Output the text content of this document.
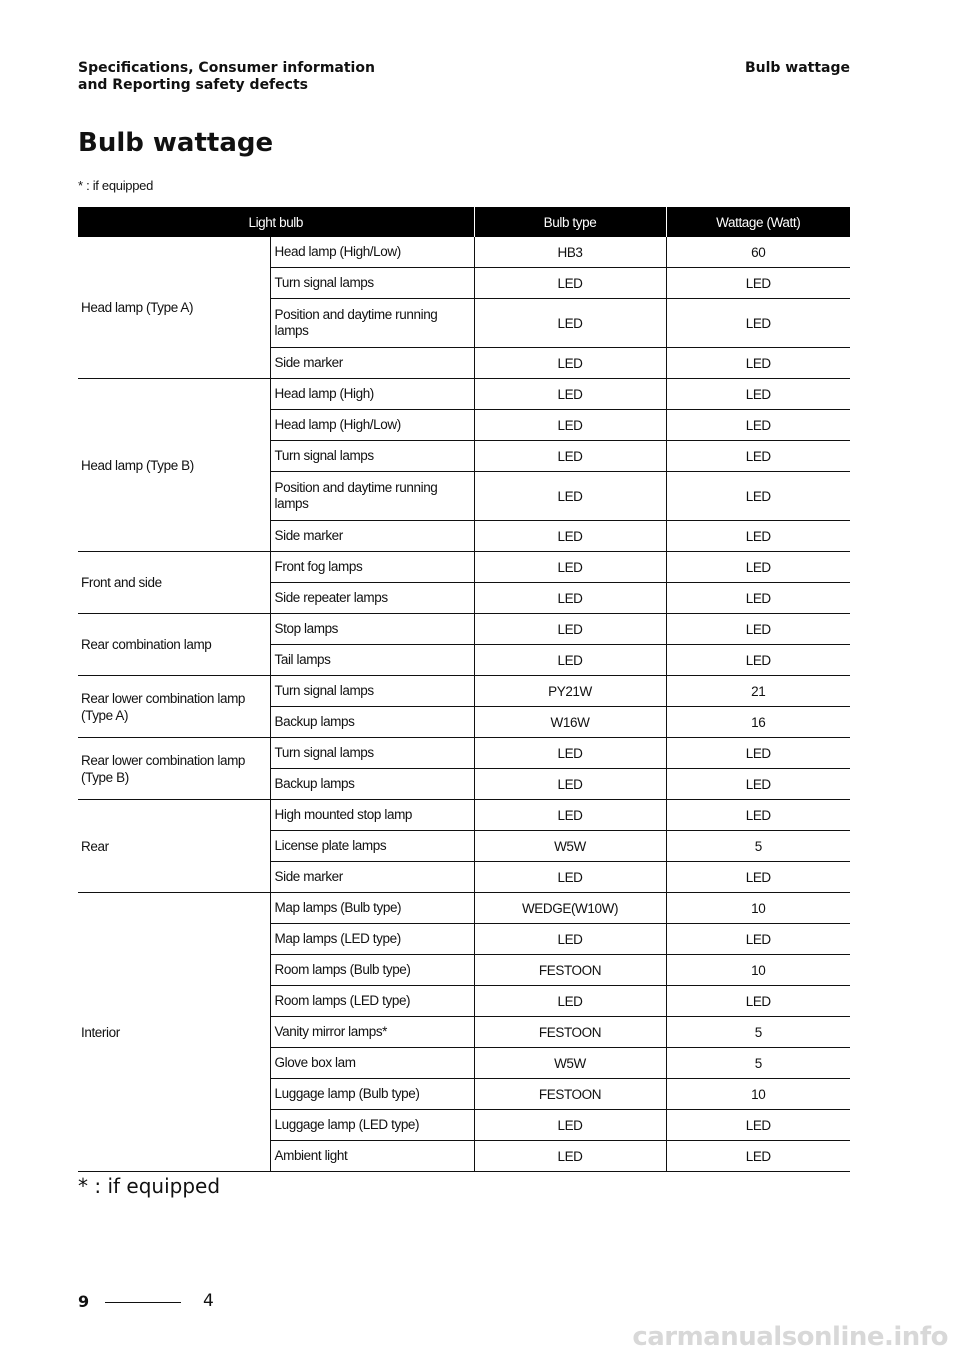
Specifications, Consumer information
and Reporting safety defects
Bulb wattage
Bulb wattage
* : if equipped
Light bulb		Bulb type	Wattage (Watt)
Head lamp (Type A)	Head lamp (High/Low)	HB3	60
	Turn signal lamps	LED	LED
	Position and daytime running lamps	LED	LED
	Side marker	LED	LED
Head lamp (Type B)	Head lamp (High)	LED	LED
	Head lamp (High/Low)	LED	LED
	Turn signal lamps	LED	LED
	Position and daytime running lamps	LED	LED
	Side marker	LED	LED
Front and side	Front fog lamps	LED	LED
	Side repeater lamps	LED	LED
Rear combination lamp	Stop lamps	LED	LED
	Tail lamps	LED	LED
Rear lower combination lamp (Type A)	Turn signal lamps	PY21W	21
	Backup lamps	W16W	16
Rear lower combination lamp (Type B)	Turn signal lamps	LED	LED
	Backup lamps	LED	LED
Rear	High mounted stop lamp	LED	LED
	License plate lamps	W5W	5
	Side marker	LED	LED
Interior	Map lamps (Bulb type)	WEDGE(W10W)	10
	Map lamps (LED type)	LED	LED
	Room lamps (Bulb type)	FESTOON	10
	Room lamps (LED type)	LED	LED
	Vanity mirror lamps*	FESTOON	5
	Glove box lam	W5W	5
	Luggage lamp (Bulb type)	FESTOON	10
	Luggage lamp (LED type)	LED	LED
	Ambient light	LED	LED
* : if equipped
9	4
carmanualsonline.info
